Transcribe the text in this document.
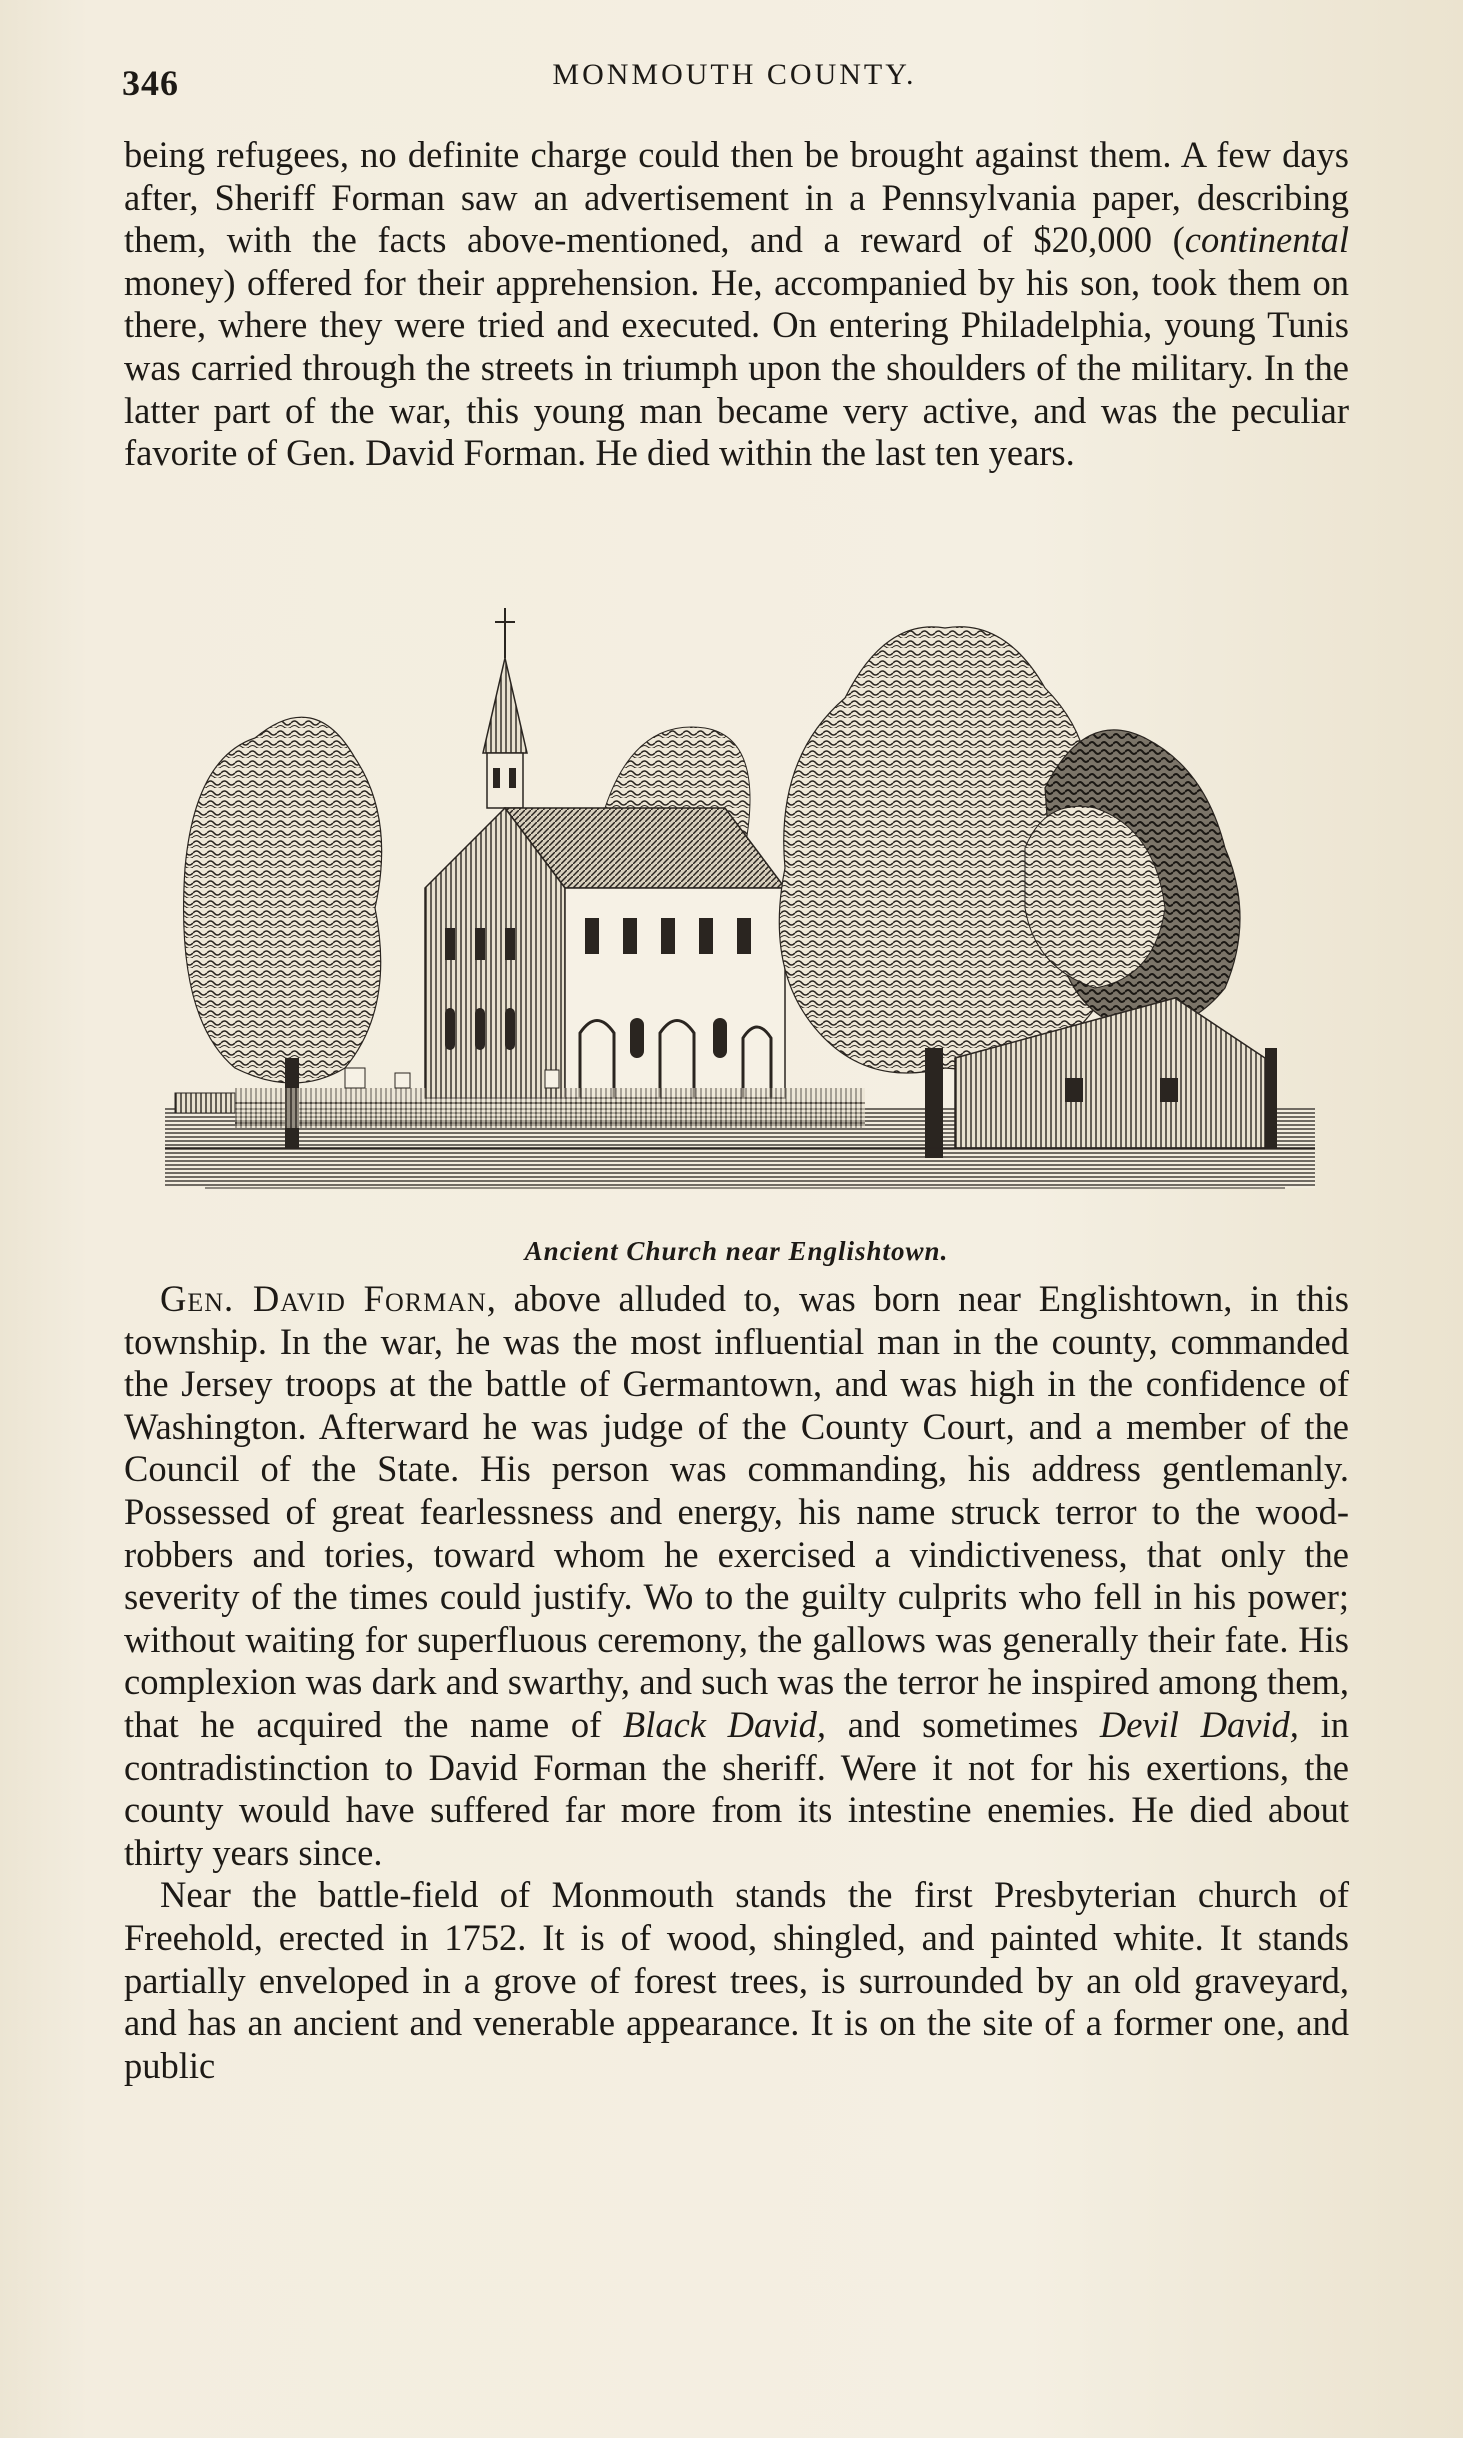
346	MONMOUTH COUNTY.

being refugees, no definite charge could then be brought against them. A few days after, Sheriff Forman saw an advertisement in a Pennsylvania paper, describing them, with the facts above-mentioned, and a reward of $20,000 (continental money) offered for their apprehension. He, accompanied by his son, took them on there, where they were tried and executed. On entering Philadelphia, young Tunis was carried through the streets in triumph upon the shoulders of the military. In the latter part of the war, this young man became very active, and was the peculiar favorite of Gen. David Forman. He died within the last ten years.

Ancient Church near Englishtown.

Gen. David Forman, above alluded to, was born near Englishtown, in this township. In the war, he was the most influential man in the county, commanded the Jersey troops at the battle of Germantown, and was high in the confidence of Washington. Afterward he was judge of the County Court, and a member of the Council of the State. His person was commanding, his address gentlemanly. Possessed of great fearlessness and energy, his name struck terror to the wood-robbers and tories, toward whom he exercised a vindictiveness, that only the severity of the times could justify. Wo to the guilty culprits who fell in his power; without waiting for superfluous ceremony, the gallows was generally their fate. His complexion was dark and swarthy, and such was the terror he inspired among them, that he acquired the name of Black David, and sometimes Devil David, in contradistinction to David Forman the sheriff. Were it not for his exertions, the county would have suffered far more from its intestine enemies. He died about thirty years since.

Near the battle-field of Monmouth stands the first Presbyterian church of Freehold, erected in 1752. It is of wood, shingled, and painted white. It stands partially enveloped in a grove of forest trees, is surrounded by an old graveyard, and has an ancient and venerable appearance. It is on the site of a former one, and public
